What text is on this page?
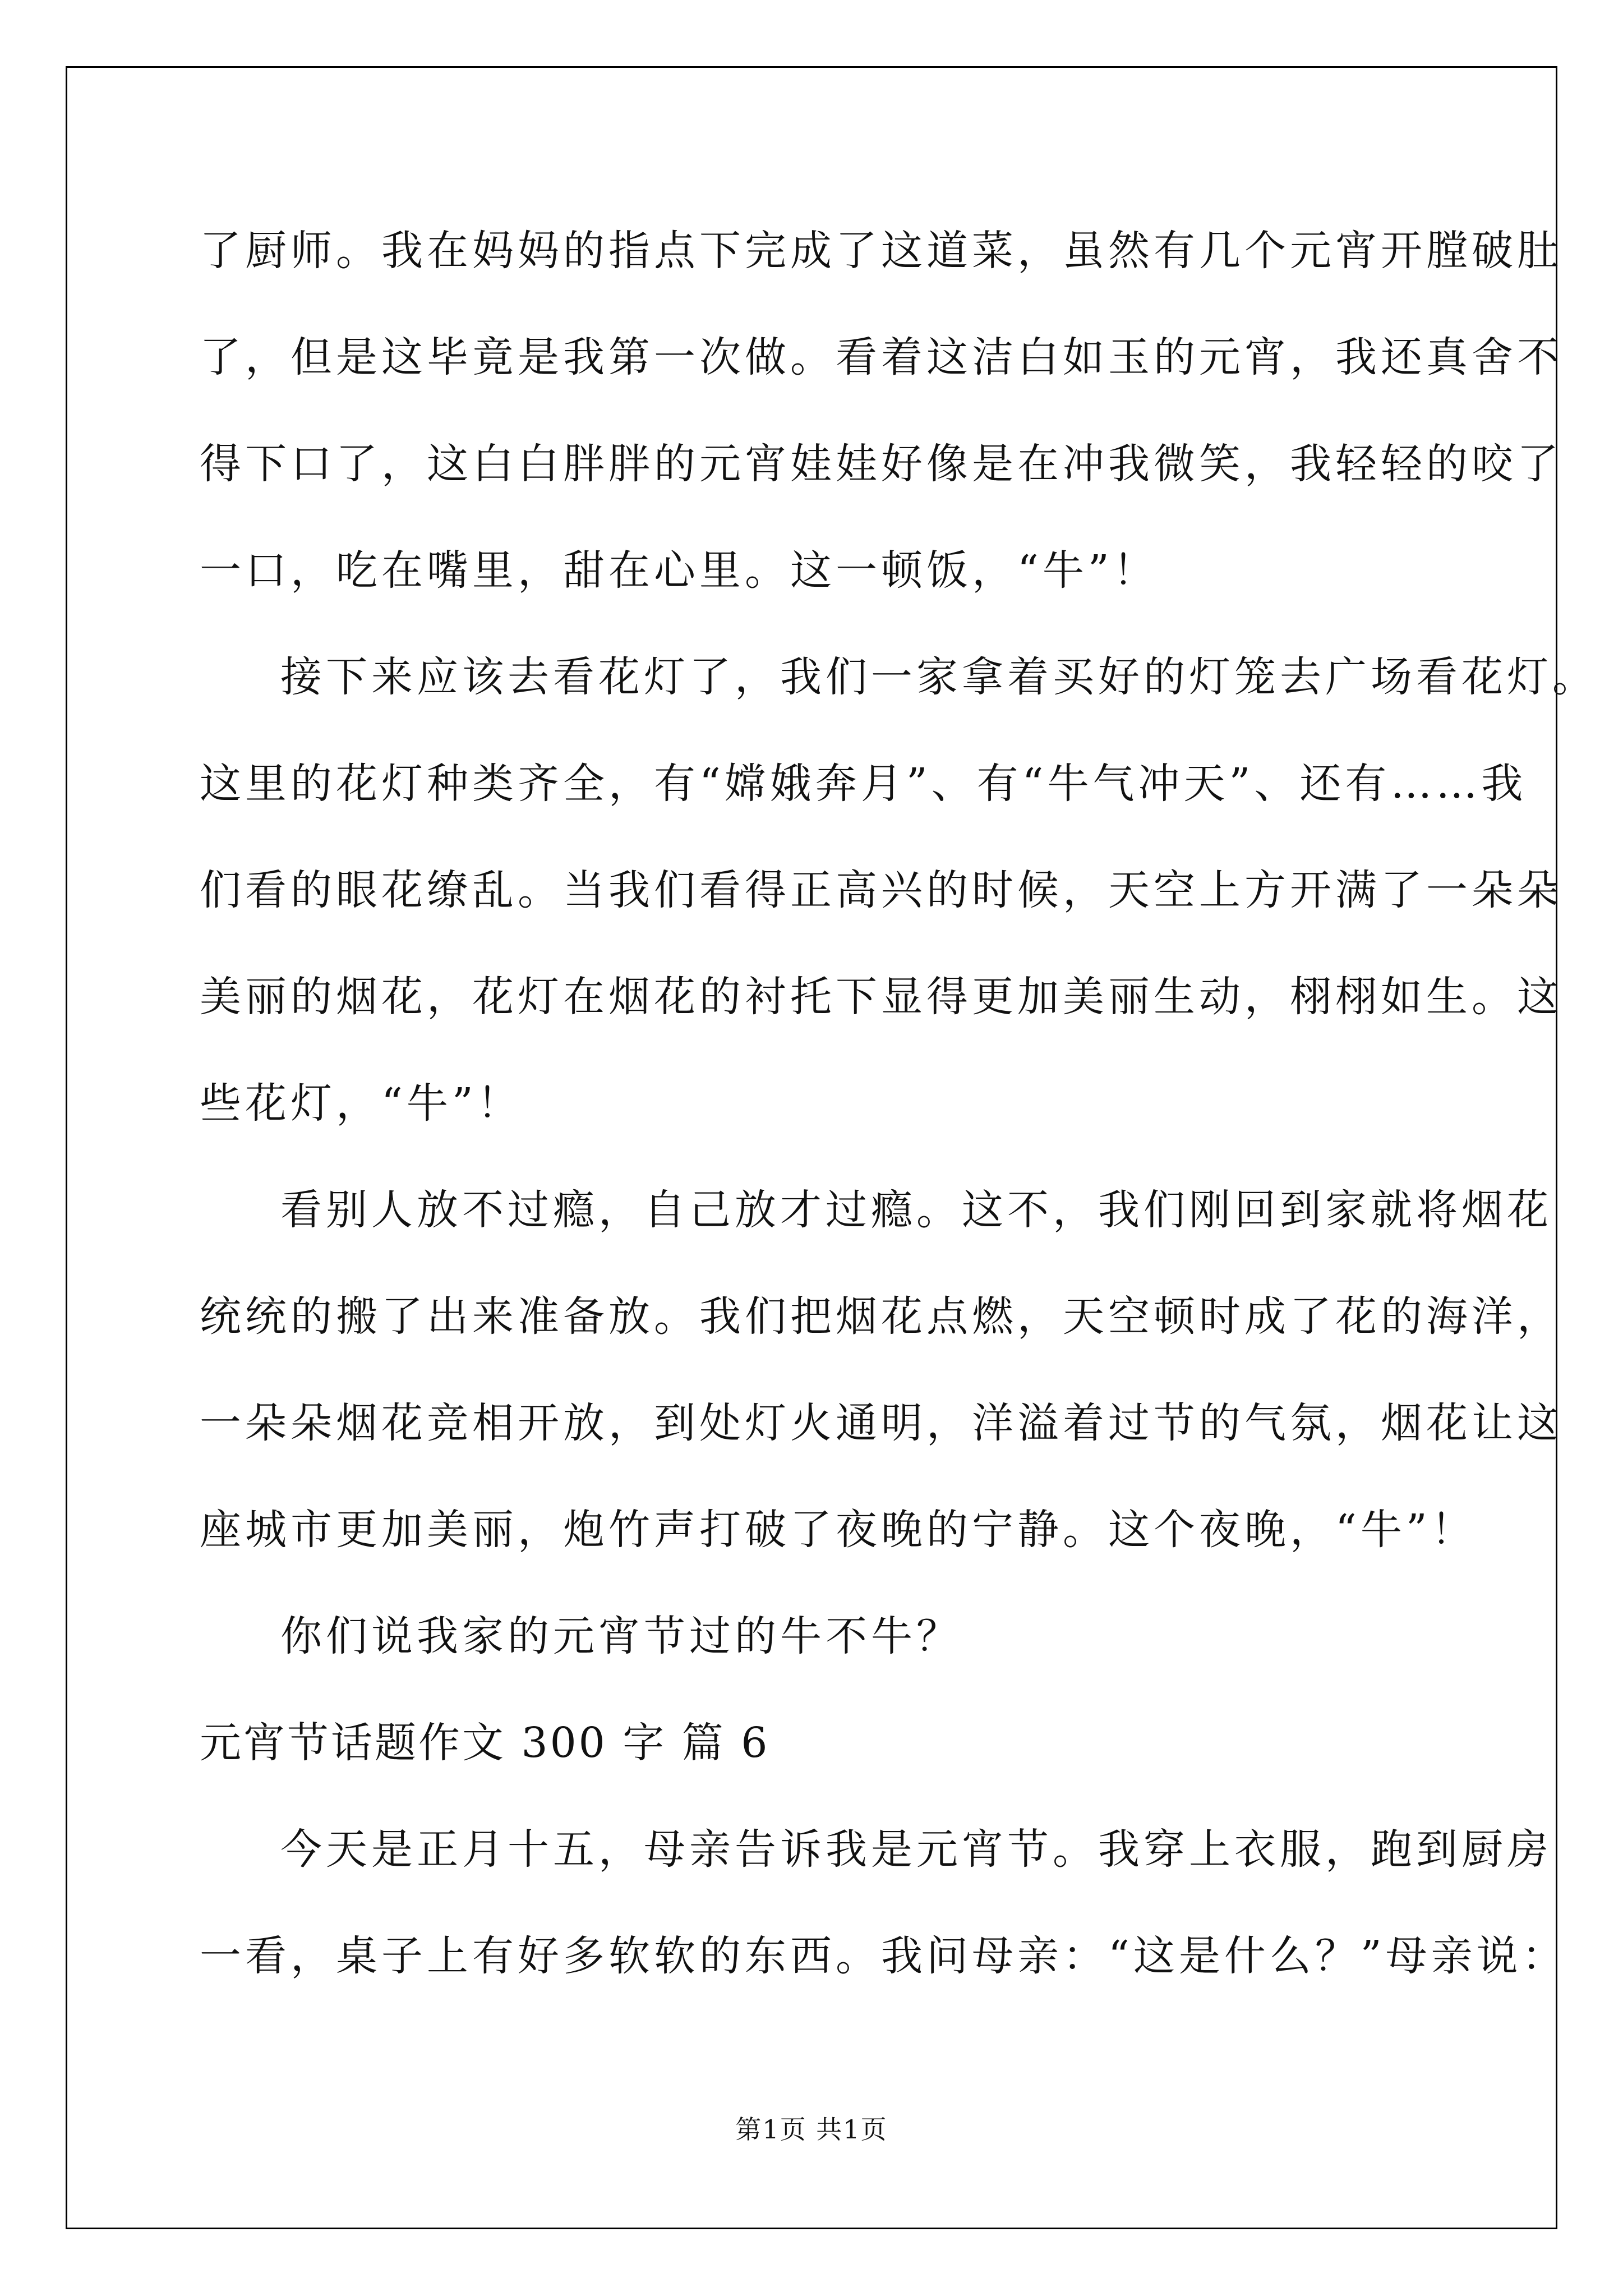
了厨师。我在妈妈的指点下完成了这道菜，虽然有几个元宵开膛破肚
了，但是这毕竟是我第一次做。看着这洁白如玉的元宵，我还真舍不
得下口了，这白白胖胖的元宵娃娃好像是在冲我微笑，我轻轻的咬了
一口，吃在嘴里，甜在心里。这一顿饭，“牛”！
接下来应该去看花灯了，我们一家拿着买好的灯笼去广场看花灯。
这里的花灯种类齐全，有“嫦娥奔月”、有“牛气冲天”、还有……我
们看的眼花缭乱。当我们看得正高兴的时候，天空上方开满了一朵朵
美丽的烟花，花灯在烟花的衬托下显得更加美丽生动，栩栩如生。这
些花灯，“牛”！
看别人放不过瘾，自己放才过瘾。这不，我们刚回到家就将烟花
统统的搬了出来准备放。我们把烟花点燃，天空顿时成了花的海洋，
一朵朵烟花竞相开放，到处灯火通明，洋溢着过节的气氛，烟花让这
座城市更加美丽，炮竹声打破了夜晚的宁静。这个夜晚，“牛”！
你们说我家的元宵节过的牛不牛？
元宵节话题作文 300 字 篇 6
今天是正月十五，母亲告诉我是元宵节。我穿上衣服，跑到厨房
一看，桌子上有好多软软的东西。我问母亲：“这是什么？”母亲说：
第1页 共1页
